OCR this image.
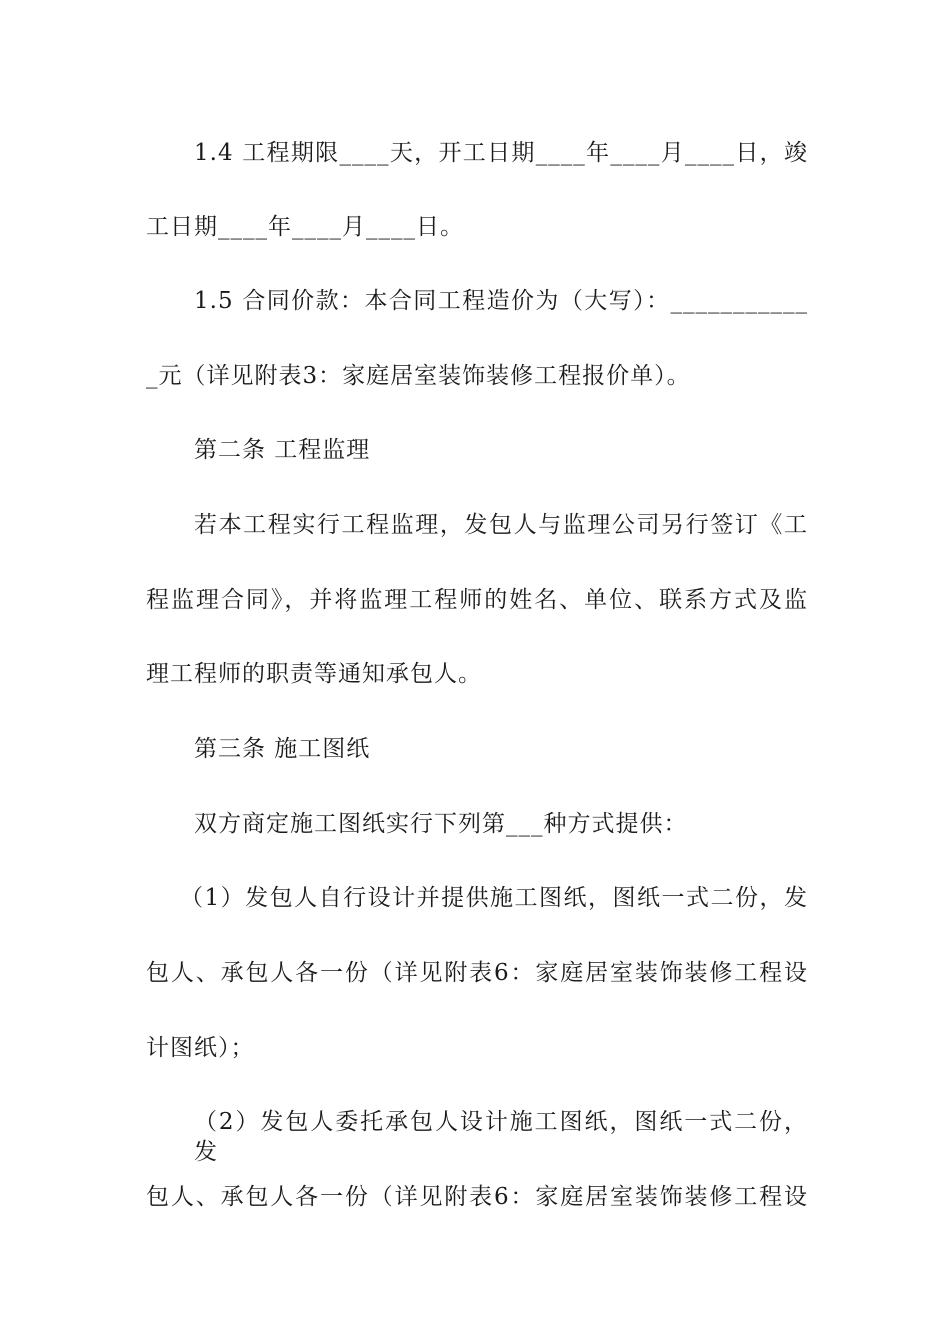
1.4 工程期限____天，开工日期____年____月____日，竣
工日期____年____月____日。
1.5 合同价款：本合同工程造价为（大写）：___________
_元（详见附表3：家庭居室装饰装修工程报价单）。
第二条 工程监理
若本工程实行工程监理，发包人与监理公司另行签订《工
程监理合同》，并将监理工程师的姓名、单位、联系方式及监
理工程师的职责等通知承包人。
第三条 施工图纸
双方商定施工图纸实行下列第___种方式提供：
（1）发包人自行设计并提供施工图纸，图纸一式二份，发
包人、承包人各一份（详见附表6：家庭居室装饰装修工程设
计图纸）；
（2）发包人委托承包人设计施工图纸，图纸一式二份，发
包人、承包人各一份（详见附表6：家庭居室装饰装修工程设
